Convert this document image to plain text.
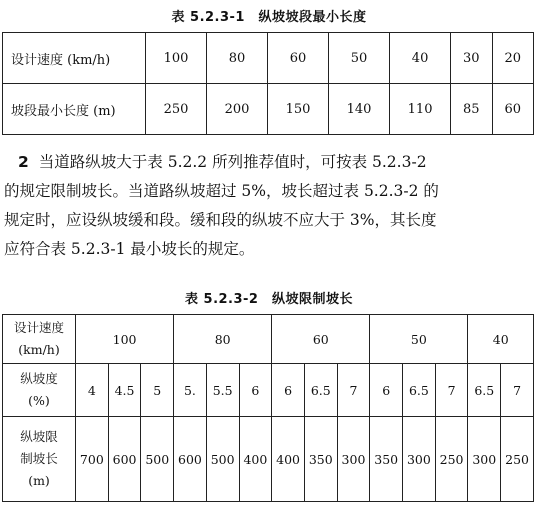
表 5.2.3-1　纵坡坡段最小长度
设计速度 (km/h)	100	80	60	50	40	30	20
坡段最小长度 (m)	250	200	150	140	110	85	60
2 当道路纵坡大于表 5.2.2 所列推荐值时，可按表 5.2.3-2
的规定限制坡长。当道路纵坡超过 5%，坡长超过表 5.2.3-2 的
规定时，应设纵坡缓和段。缓和段的纵坡不应大于 3%，其长度
应符合表 5.2.3-1 最小坡长的规定。
表 5.2.3-2　纵坡限制坡长
设计速度
(km/h)	100			80			60			50			40	
纵坡度
(%)	4	4.5	5	5.	5.5	6	6	6.5	7	6	6.5	7	6.5	7
纵坡限
制坡长
(m)	700	600	500	600	500	400	400	350	300	350	300	250	300	250
